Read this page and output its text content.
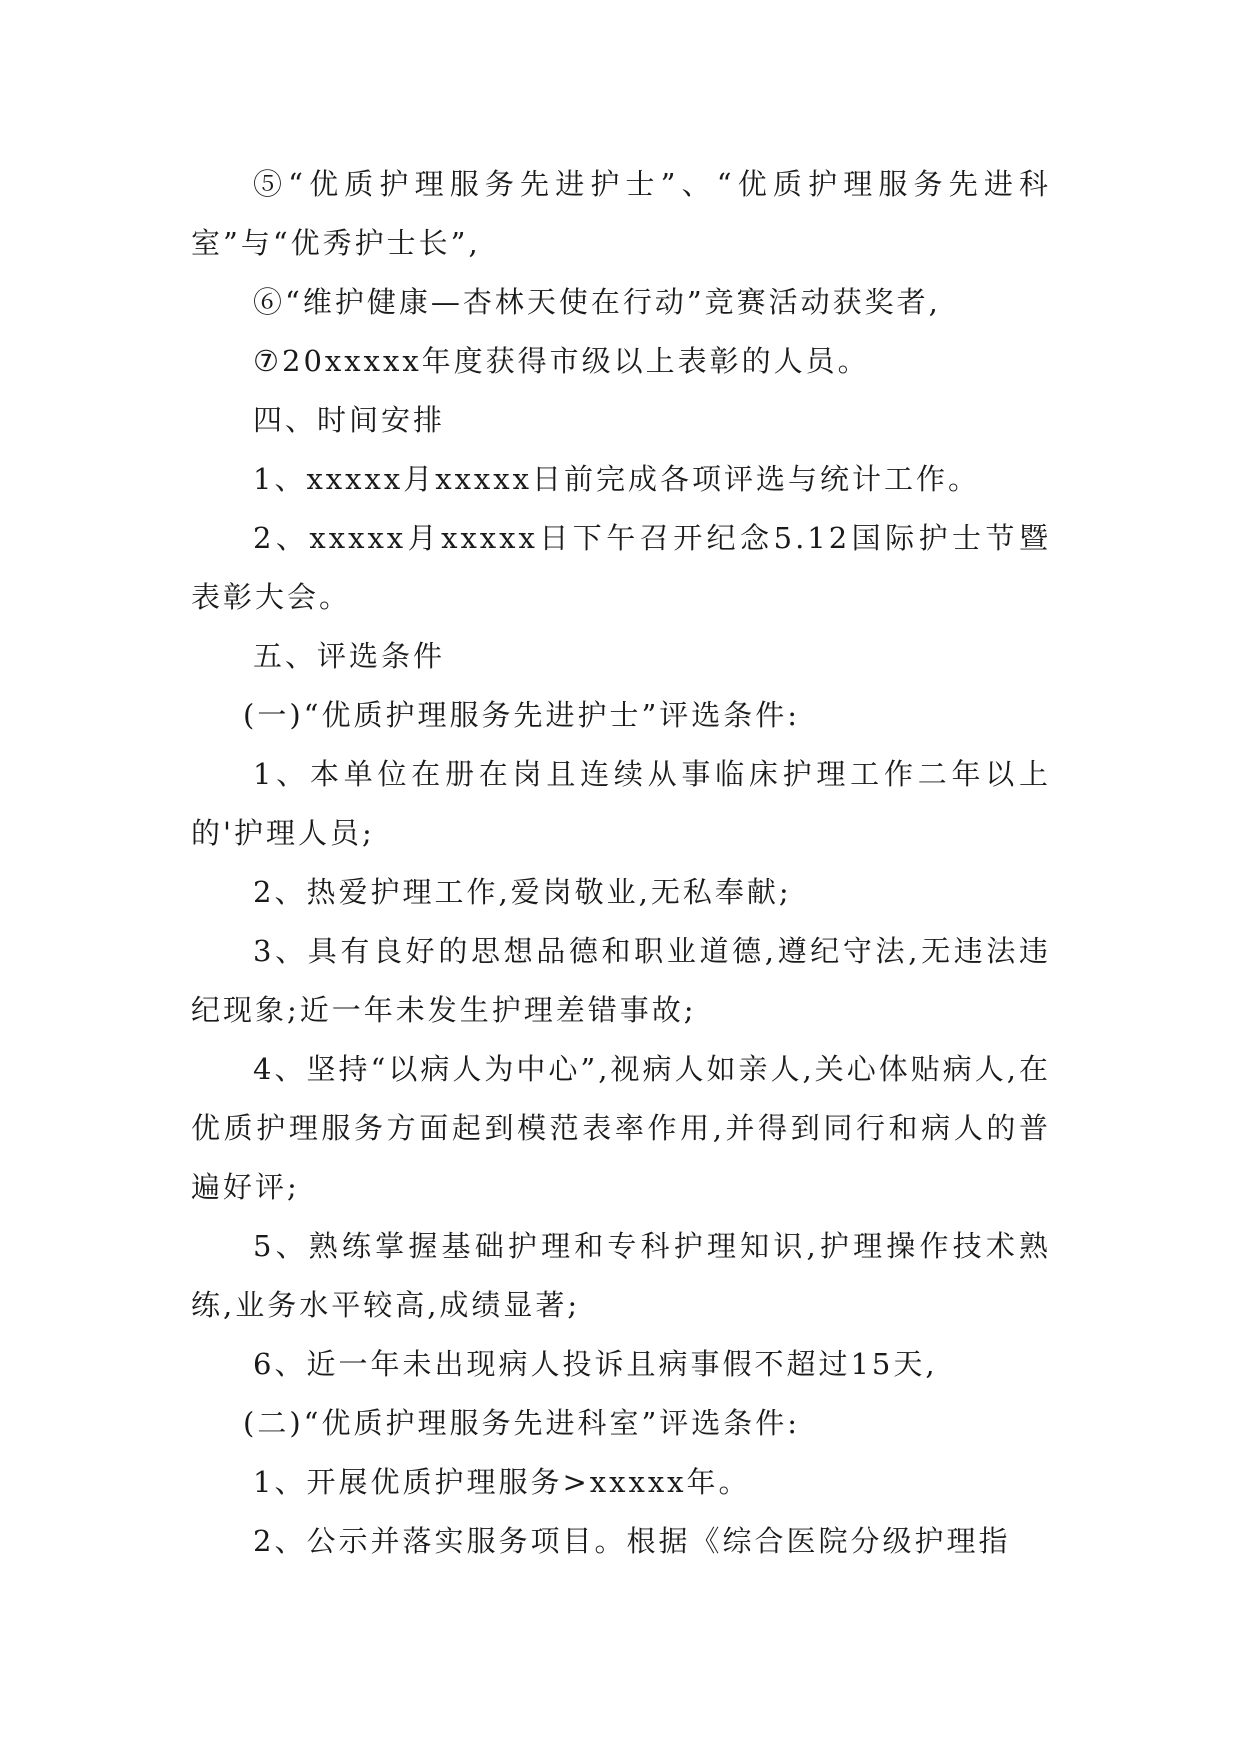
⑤“优质护理服务先进护士”、“优质护理服务先进科室”与“优秀护士长”,

⑥“维护健康—杏林天使在行动”竞赛活动获奖者,

⑦20xxxxx年度获得市级以上表彰的人员。

四、时间安排

1、xxxxx月xxxxx日前完成各项评选与统计工作。

2、xxxxx月xxxxx日下午召开纪念5.12国际护士节暨表彰大会。

五、评选条件

(一)“优质护理服务先进护士”评选条件:

1、本单位在册在岗且连续从事临床护理工作二年以上的'护理人员;

2、热爱护理工作,爱岗敬业,无私奉献;

3、具有良好的思想品德和职业道德,遵纪守法,无违法违纪现象;近一年未发生护理差错事故;

4、坚持“以病人为中心”,视病人如亲人,关心体贴病人,在优质护理服务方面起到模范表率作用,并得到同行和病人的普遍好评;

5、熟练掌握基础护理和专科护理知识,护理操作技术熟练,业务水平较高,成绩显著;

6、近一年未出现病人投诉且病事假不超过15天,

(二)“优质护理服务先进科室”评选条件:

1、开展优质护理服务>xxxxx年。

2、公示并落实服务项目。根据《综合医院分级护理指
